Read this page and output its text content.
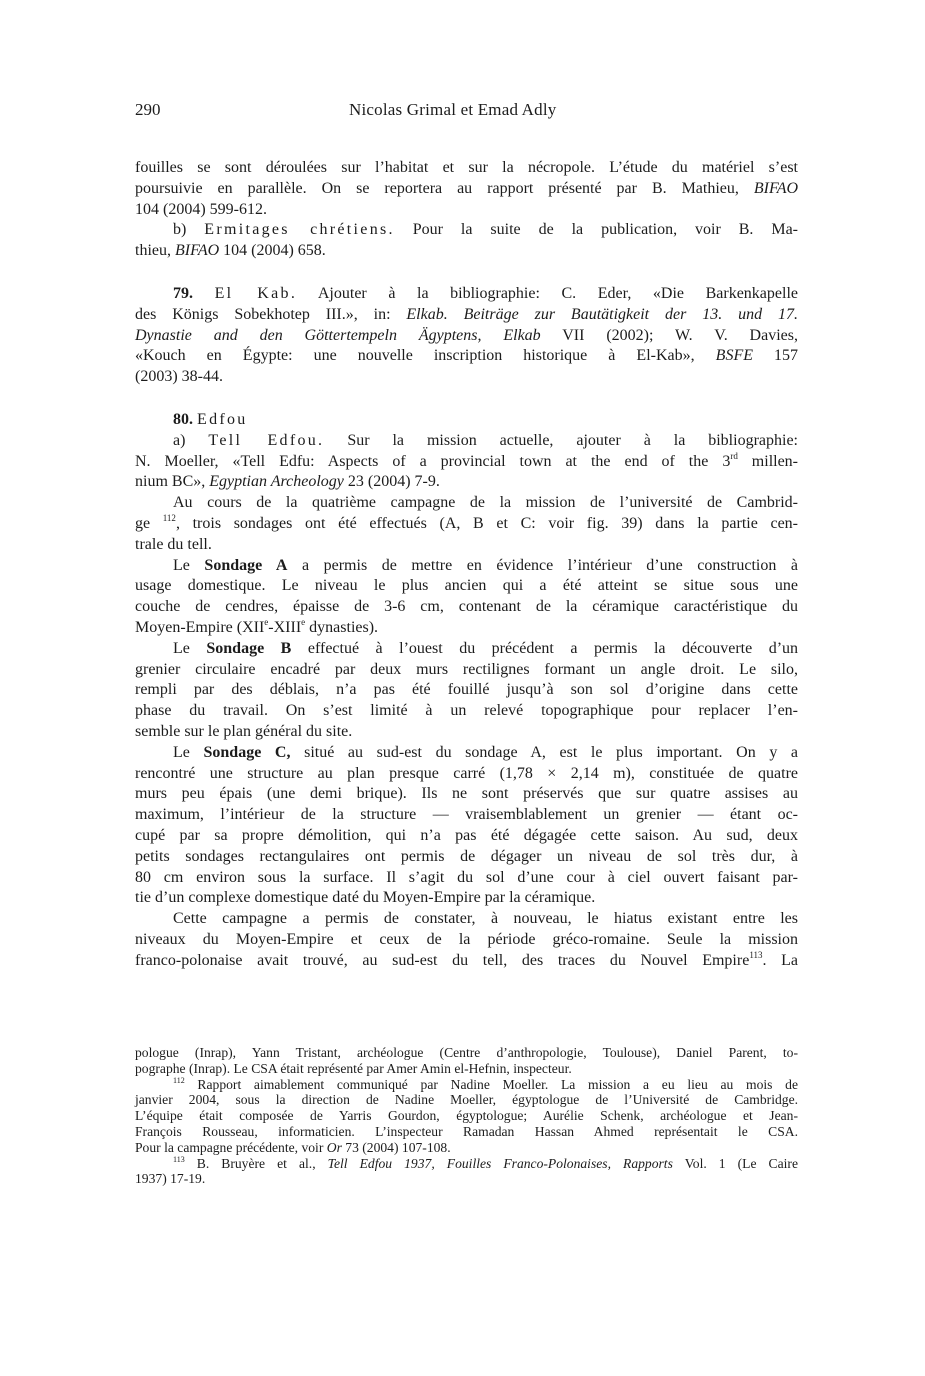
290	Nicolas Grimal et Emad Adly
fouilles se sont déroulées sur l’habitat et sur la nécropole. L’étude du matériel s’est
poursuivie en parallèle. On se reportera au rapport présenté par B. Mathieu, BIFAO
104 (2004) 599-612.
b) Ermitages chrétiens. Pour la suite de la publication, voir B. Ma-
thieu, BIFAO 104 (2004) 658.
79. El Kab. Ajouter à la bibliographie: C. Eder, «Die Barkenkapelle
des Königs Sobekhotep III.», in: Elkab. Beiträge zur Bautätigkeit der 13. und 17.
Dynastie and den Göttertempeln Ägyptens, Elkab VII (2002); W. V. Davies,
«Kouch en Égypte: une nouvelle inscription historique à El-Kab», BSFE 157
(2003) 38-44.
80. Edfou
a) Tell Edfou. Sur la mission actuelle, ajouter à la bibliographie:
N. Moeller, «Tell Edfu: Aspects of a provincial town at the end of the 3rd millen-
nium BC», Egyptian Archeology 23 (2004) 7-9.
Au cours de la quatrième campagne de la mission de l’université de Cambrid-
ge $^{112}$, trois sondages ont été effectués (A, B et C: voir fig. 39) dans la partie cen-
trale du tell.
Le Sondage A a permis de mettre en évidence l’intérieur d’une construction à
usage domestique. Le niveau le plus ancien qui a été atteint se situe sous une
couche de cendres, épaisse de 3-6 cm, contenant de la céramique caractéristique du
Moyen-Empire (XIIe-XIIIe dynasties).
Le Sondage B effectué à l’ouest du précédent a permis la découverte d’un
grenier circulaire encadré par deux murs rectilignes formant un angle droit. Le silo,
rempli par des déblais, n’a pas été fouillé jusqu’à son sol d’origine dans cette
phase du travail. On s’est limité à un relevé topographique pour replacer l’en-
semble sur le plan général du site.
Le Sondage C, situé au sud-est du sondage A, est le plus important. On y a
rencontré une structure au plan presque carré (1,78 × 2,14 m), constituée de quatre
murs peu épais (une demi brique). Ils ne sont préservés que sur quatre assises au
maximum, l’intérieur de la structure — vraisemblablement un grenier — étant oc-
cupé par sa propre démolition, qui n’a pas été dégagée cette saison. Au sud, deux
petits sondages rectangulaires ont permis de dégager un niveau de sol très dur, à
80 cm environ sous la surface. Il s’agit du sol d’une cour à ciel ouvert faisant par-
tie d’un complexe domestique daté du Moyen-Empire par la céramique.
Cette campagne a permis de constater, à nouveau, le hiatus existant entre les
niveaux du Moyen-Empire et ceux de la période gréco-romaine. Seule la mission
franco-polonaise avait trouvé, au sud-est du tell, des traces du Nouvel Empire$^{113}$. La
pologue (Inrap), Yann Tristant, archéologue (Centre d’anthropologie, Toulouse), Daniel Parent, to-
pographe (Inrap). Le CSA était représenté par Amer Amin el-Hefnin, inspecteur.
$^{112}$ Rapport aimablement communiqué par Nadine Moeller. La mission a eu lieu au mois de
janvier 2004, sous la direction de Nadine Moeller, égyptologue de l’Université de Cambridge.
L’équipe était composée de Yarris Gourdon, égyptologue; Aurélie Schenk, archéologue et Jean-
François Rousseau, informaticien. L’inspecteur Ramadan Hassan Ahmed représentait le CSA.
Pour la campagne précédente, voir Or 73 (2004) 107-108.
$^{113}$ B. Bruyère et al., Tell Edfou 1937, Fouilles Franco-Polonaises, Rapports Vol. 1 (Le Caire
1937) 17-19.
